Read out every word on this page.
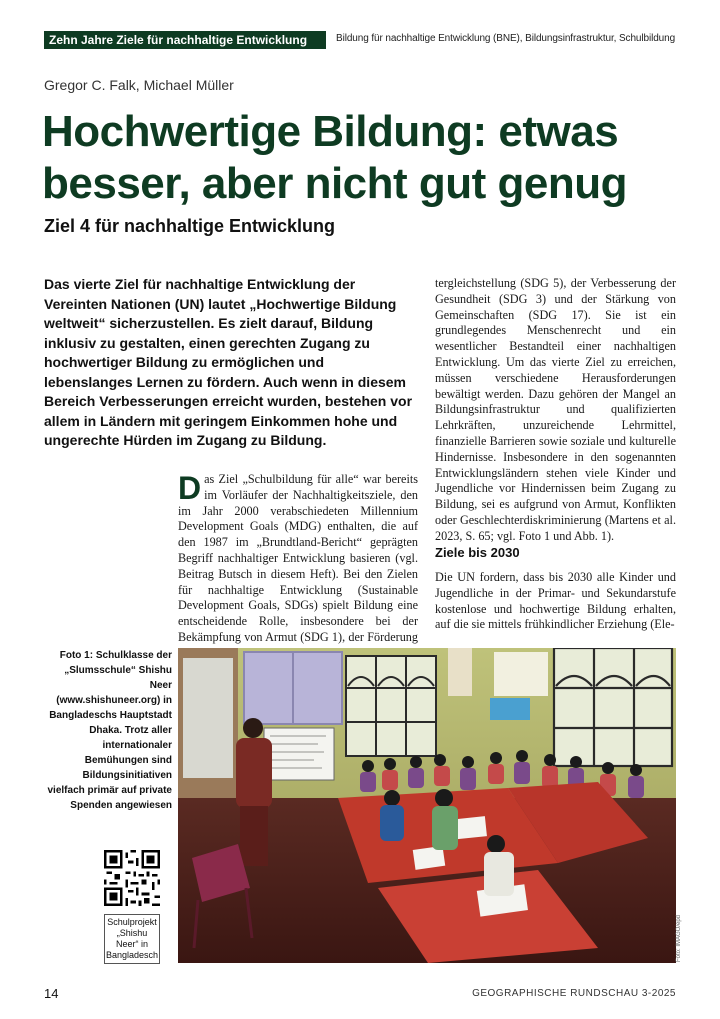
Zehn Jahre Ziele für nachhaltige Entwicklung	Bildung für nachhaltige Entwicklung (BNE), Bildungsinfrastruktur, Schulbildung
Gregor C. Falk, Michael Müller
Hochwertige Bildung: etwas besser, aber nicht gut genug
Ziel 4 für nachhaltige Entwicklung

Das vierte Ziel für nachhaltige Entwicklung der Vereinten Nationen (UN) lautet „Hochwertige Bildung weltweit“ sicherzustellen. Es zielt darauf, Bildung inklusiv zu gestalten, einen gerechten Zugang zu hochwertiger Bildung zu ermöglichen und lebenslanges Lernen zu fördern. Auch wenn in diesem Bereich Verbesserungen erreicht wurden, bestehen vor allem in Ländern mit geringem Einkommen hohe und ungerechte Hürden im Zugang zu Bildung.

Das Ziel „Schulbildung für alle“ war bereits im Vorläufer der Nachhaltigkeitsziele, den im Jahr 2000 verabschiedeten Millennium Development Goals (MDG) enthalten, die auf den 1987 im „Brundtland-Bericht“ geprägten Begriff nachhaltiger Entwicklung basieren (vgl. Beitrag Butsch in diesem Heft). Bei den Zielen für nachhaltige Entwicklung (Sustainable Development Goals, SDGs) spielt Bildung eine entscheidende Rolle, insbesondere bei der Bekämpfung von Armut (SDG 1), der Förderung

tergleichstellung (SDG 5), der Verbesserung der Gesundheit (SDG 3) und der Stärkung von Gemeinschaften (SDG 17). Sie ist ein grundlegendes Menschenrecht und ein wesentlicher Bestandteil einer nachhaltigen Entwicklung. Um das vierte Ziel zu erreichen, müssen verschiedene Herausforderungen bewältigt werden. Dazu gehören der Mangel an Bildungsinfrastruktur und qualifizierten Lehrkräften, unzureichende Lehrmittel, finanzielle Barrieren sowie soziale und kulturelle Hindernisse. Insbesondere in den sogenannten Entwicklungsländern stehen viele Kinder und Jugendliche vor Hindernissen beim Zugang zu Bildung, sei es aufgrund von Armut, Konflikten oder Geschlechterdiskriminierung (Martens et al. 2023, S. 65; vgl. Foto 1 und Abb. 1).

Ziele bis 2030

Die UN fordern, dass bis 2030 alle Kinder und Jugendliche in der Primar- und Sekundarstufe kostenlose und hochwertige Bildung erhalten, auf die sie mittels frühkindlicher Erziehung (Ele-

Foto 1: Schulklasse der „Slumsschule“ Shishu Neer (www.shishuneer.org) in Bangladeschs Hauptstadt Dhaka. Trotz aller internationaler Bemühungen sind Bildungsinitiativen vielfach primär auf private Spenden angewiesen

Schulprojekt „Shishu Neer“ in Bangladesch	Foto: IMAGO/epd
14	GEOGRAPHISCHE RUNDSCHAU 3-2025
